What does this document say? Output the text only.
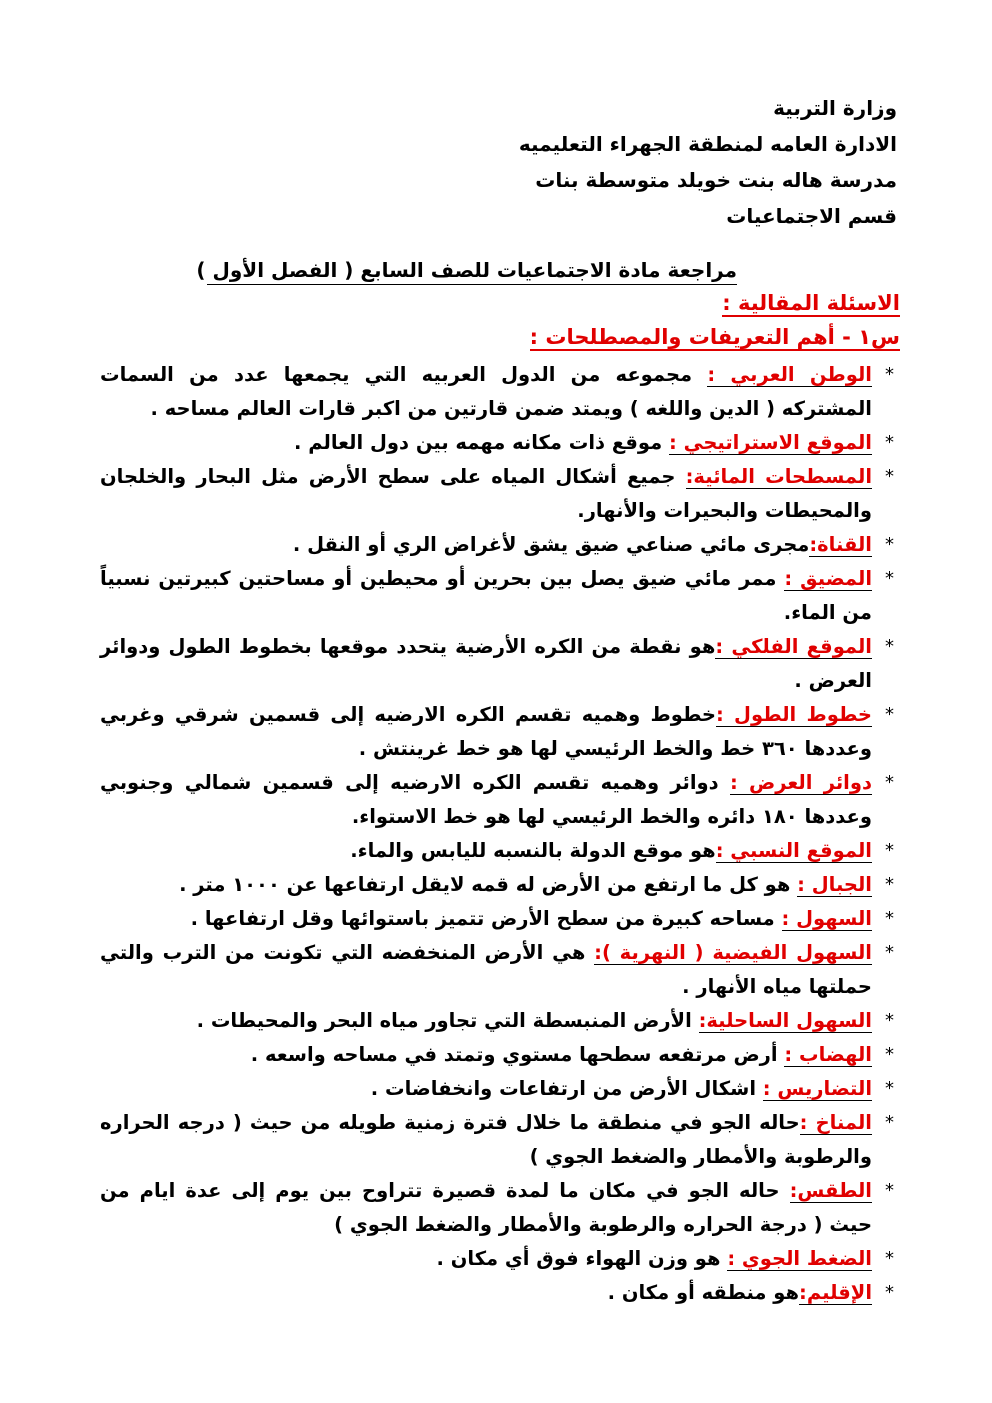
وزارة التربية
الادارة العامه لمنطقة الجهراء التعليميه
مدرسة هاله بنت خويلد متوسطة بنات
قسم الاجتماعيات
مراجعة مادة الاجتماعيات للصف السابع ( الفصل الأول )
الاسئلة المقالية :
س١ - أهم التعريفات والمصطلحات :
*
الوطن العربي : مجموعه من الدول العربيه التي يجمعها عدد من السمات المشتركه ( الدين واللغه ) ويمتد ضمن قارتين من اكبر قارات العالم مساحه .
*
الموقع الاستراتيجي : موقع ذات مكانه مهمه بين دول العالم .
*
المسطحات المائية: جميع أشكال المياه على سطح الأرض مثل البحار والخلجان والمحيطات والبحيرات والأنهار.
*
القناة:مجرى مائي صناعي ضيق يشق لأغراض الري أو النقل .
*
المضيق : ممر مائي ضيق يصل بين بحرين أو محيطين أو مساحتين كبيرتين نسبياً من الماء.
*
الموقع الفلكي :هو نقطة من الكره الأرضية يتحدد موقعها بخطوط الطول ودوائر العرض .
*
خطوط الطول :خطوط وهميه تقسم الكره الارضيه إلى قسمين شرقي وغربي وعددها ٣٦٠ خط والخط الرئيسي لها هو خط غرينتش .
*
دوائر العرض : دوائر وهميه تقسم الكره الارضيه إلى قسمين شمالي وجنوبي وعددها ١٨٠ دائره والخط الرئيسي لها هو خط الاستواء.
*
الموقع النسبي :هو موقع الدولة بالنسبه لليابس والماء.
*
الجبال : هو كل ما ارتفع من الأرض له قمه لايقل ارتفاعها عن ١٠٠٠ متر .
*
السهول : مساحه كبيرة من سطح الأرض تتميز باستوائها وقل ارتفاعها .
*
السهول الفيضية ( النهرية ): هي الأرض المنخفضه التي تكونت من الترب والتي حملتها مياه الأنهار .
*
السهول الساحلية: الأرض المنبسطة التي تجاور مياه البحر والمحيطات .
*
الهضاب : أرض مرتفعه سطحها مستوي وتمتد في مساحه واسعه .
*
التضاريس : اشكال الأرض من ارتفاعات وانخفاضات .
*
المناخ :حاله الجو في منطقة ما خلال فترة زمنية طويله من حيث ( درجه الحراره والرطوبة والأمطار والضغط الجوي )
*
الطقس: حاله الجو في مكان ما لمدة قصيرة تتراوح بين يوم إلى عدة ايام من حيث ( درجة الحراره والرطوبة والأمطار والضغط الجوي )
*
الضغط الجوي : هو وزن الهواء فوق أي مكان .
*
الإقليم:هو منطقه أو مكان .
